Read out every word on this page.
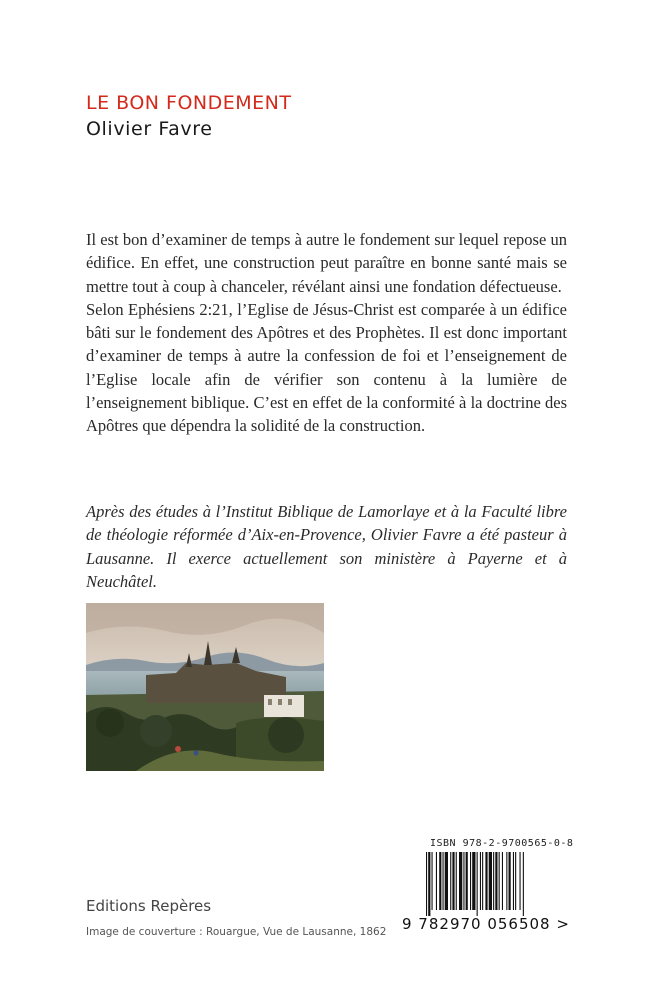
LE BON FONDEMENT
Olivier Favre

Il est bon d’examiner de temps à autre le fondement sur lequel repose un édifice. En effet, une construction peut paraître en bonne santé mais se mettre tout à coup à chanceler, révélant ainsi une fondation défectueuse.

Selon Ephésiens 2:21, l’Eglise de Jésus-Christ est comparée à un édifice bâti sur le fondement des Apôtres et des Prophètes. Il est donc important d’examiner de temps à autre la confession de foi et l’enseignement de l’Eglise locale afin de vérifier son contenu à la lumière de l’enseignement biblique. C’est en effet de la conformité à la doctrine des Apôtres que dépendra la solidité de la construction.

Après des études à l’Institut Biblique de Lamorlaye et à la Faculté libre de théologie réformée d’Aix-en-Provence, Olivier Favre a été pasteur à Lausanne. Il exerce actuellement son ministère à Payerne et à Neuchâtel.

Editions Repères

Image de couverture : Rouargue, Vue de Lausanne, 1862

ISBN 978-2-9700565-0-8
9 782970 056508 >
